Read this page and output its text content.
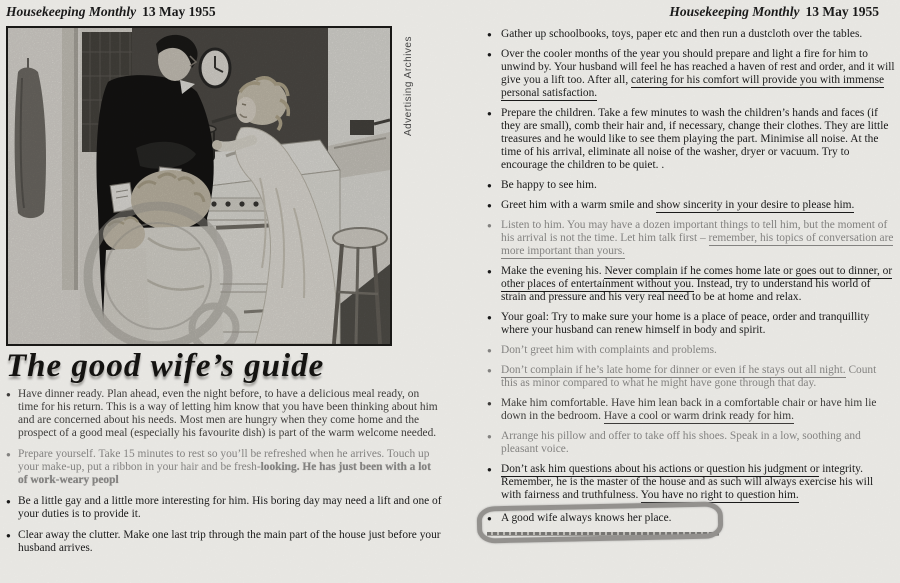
Housekeeping Monthly 13 May 1955
Advertising Archives
The good wife’s guide
● Have dinner ready. Plan ahead, even the night before, to have a delicious meal ready, on time for his return. This is a way of letting him know that you have been thinking about him and are concerned about his needs. Most men are hungry when they come home and the prospect of a good meal (especially his favourite dish) is part of the warm welcome needed.
● Prepare yourself. Take 15 minutes to rest so you’ll be refreshed when he arrives. Touch up your make-up, put a ribbon in your hair and be fresh-looking. He has just been with a lot of work-weary peopl
● Be a little gay and a little more interesting for him. His boring day may need a lift and one of your duties is to provide it.
● Clear away the clutter. Make one last trip through the main part of the house just before your husband arrives.
Housekeeping Monthly 13 May 1955
● Gather up schoolbooks, toys, paper etc and then run a dustcloth over the tables.
● Over the cooler months of the year you should prepare and light a fire for him to unwind by. Your husband will feel he has reached a haven of rest and order, and it will give you a lift too. After all, catering for his comfort will provide you with immense personal satisfaction.
● Prepare the children. Take a few minutes to wash the children’s hands and faces (if they are small), comb their hair and, if necessary, change their clothes. They are little treasures and he would like to see them playing the part. Minimise all noise. At the time of his arrival, eliminate all noise of the washer, dryer or vacuum. Try to encourage the children to be quiet. .
● Be happy to see him.
● Greet him with a warm smile and show sincerity in your desire to please him.
● Listen to him. You may have a dozen important things to tell him, but the moment of his arrival is not the time. Let him talk first – remember, his topics of conversation are more important than yours.
● Make the evening his. Never complain if he comes home late or goes out to dinner, or other places of entertainment without you. Instead, try to understand his world of strain and pressure and his very real need to be at home and relax.
● Your goal: Try to make sure your home is a place of peace, order and tranquillity where your husband can renew himself in body and spirit.
● Don’t greet him with complaints and problems.
● Don’t complain if he’s late home for dinner or even if he stays out all night. Count this as minor compared to what he might have gone through that day.
● Make him comfortable. Have him lean back in a comfortable chair or have him lie down in the bedroom. Have a cool or warm drink ready for him.
● Arrange his pillow and offer to take off his shoes. Speak in a low, soothing and pleasant voice.
● Don’t ask him questions about his actions or question his judgment or integrity. Remember, he is the master of the house and as such will always exercise his will with fairness and truthfulness. You have no right to question him.
● A good wife always knows her place.
